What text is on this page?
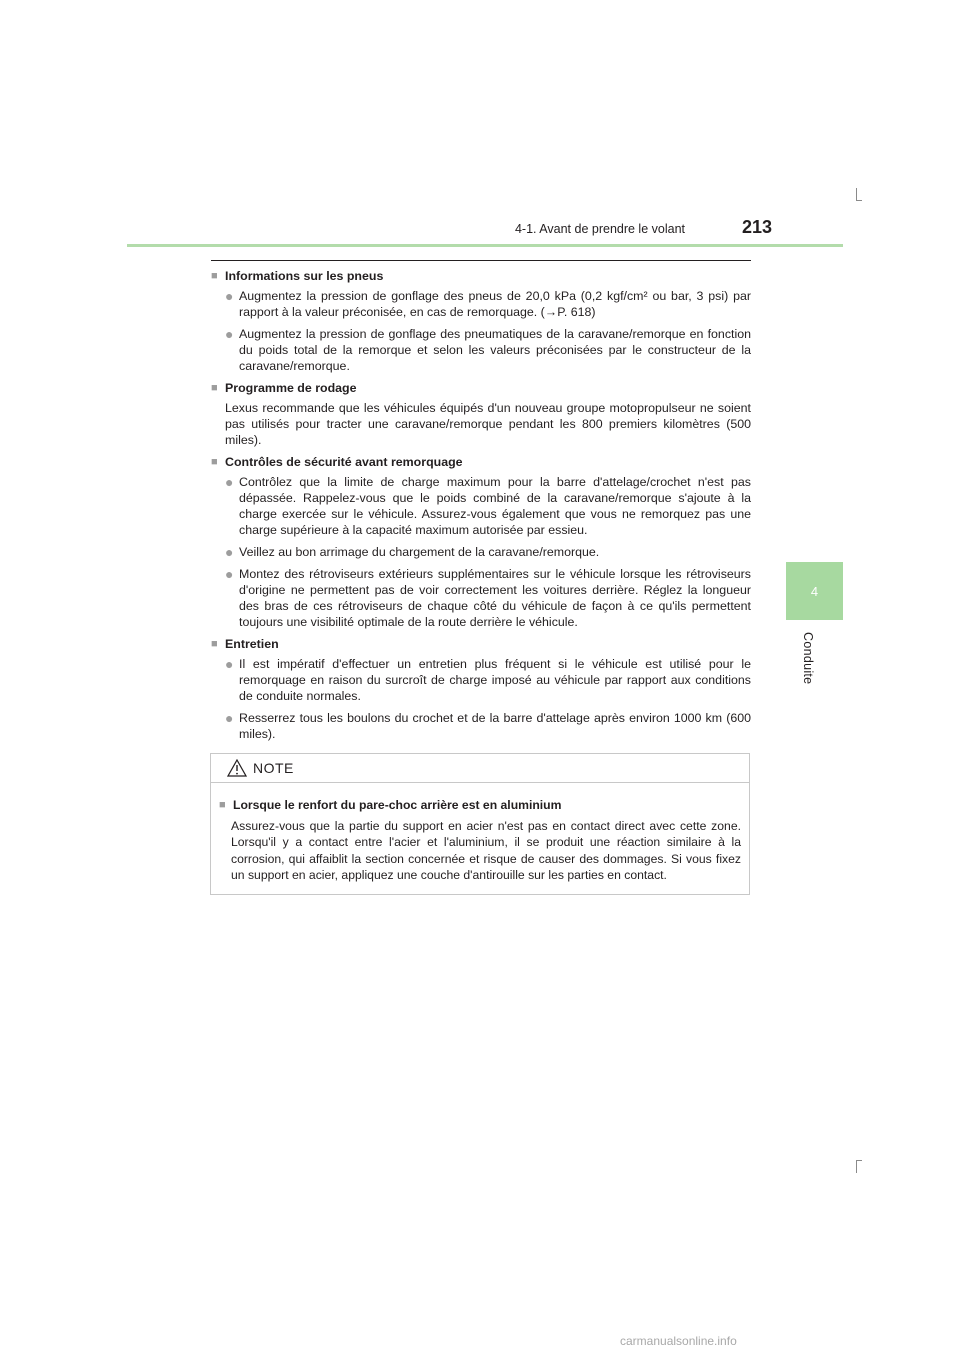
4-1. Avant de prendre le volant	213
4
Conduite
■ Informations sur les pneus
● Augmentez la pression de gonflage des pneus de 20,0 kPa (0,2 kgf/cm² ou bar, 3 psi) par rapport à la valeur préconisée, en cas de remorquage. (→P. 618)
● Augmentez la pression de gonflage des pneumatiques de la caravane/remorque en fonction du poids total de la remorque et selon les valeurs préconisées par le constructeur de la caravane/remorque.
■ Programme de rodage
Lexus recommande que les véhicules équipés d'un nouveau groupe motopropulseur ne soient pas utilisés pour tracter une caravane/remorque pendant les 800 premiers kilomètres (500 miles).
■ Contrôles de sécurité avant remorquage
● Contrôlez que la limite de charge maximum pour la barre d'attelage/crochet n'est pas dépassée. Rappelez-vous que le poids combiné de la caravane/remorque s'ajoute à la charge exercée sur le véhicule. Assurez-vous également que vous ne remorquez pas une charge supérieure à la capacité maximum autorisée par essieu.
● Veillez au bon arrimage du chargement de la caravane/remorque.
● Montez des rétroviseurs extérieurs supplémentaires sur le véhicule lorsque les rétroviseurs d'origine ne permettent pas de voir correctement les voitures derrière. Réglez la longueur des bras de ces rétroviseurs de chaque côté du véhicule de façon à ce qu'ils permettent toujours une visibilité optimale de la route derrière le véhicule.
■ Entretien
● Il est impératif d'effectuer un entretien plus fréquent si le véhicule est utilisé pour le remorquage en raison du surcroît de charge imposé au véhicule par rapport aux conditions de conduite normales.
● Resserrez tous les boulons du crochet et de la barre d'attelage après environ 1000 km (600 miles).
NOTE
■ Lorsque le renfort du pare-choc arrière est en aluminium
Assurez-vous que la partie du support en acier n'est pas en contact direct avec cette zone. Lorsqu'il y a contact entre l'acier et l'aluminium, il se produit une réaction similaire à la corrosion, qui affaiblit la section concernée et risque de causer des dommages. Si vous fixez un support en acier, appliquez une couche d'antirouille sur les parties en contact.
carmanualsonline.info
